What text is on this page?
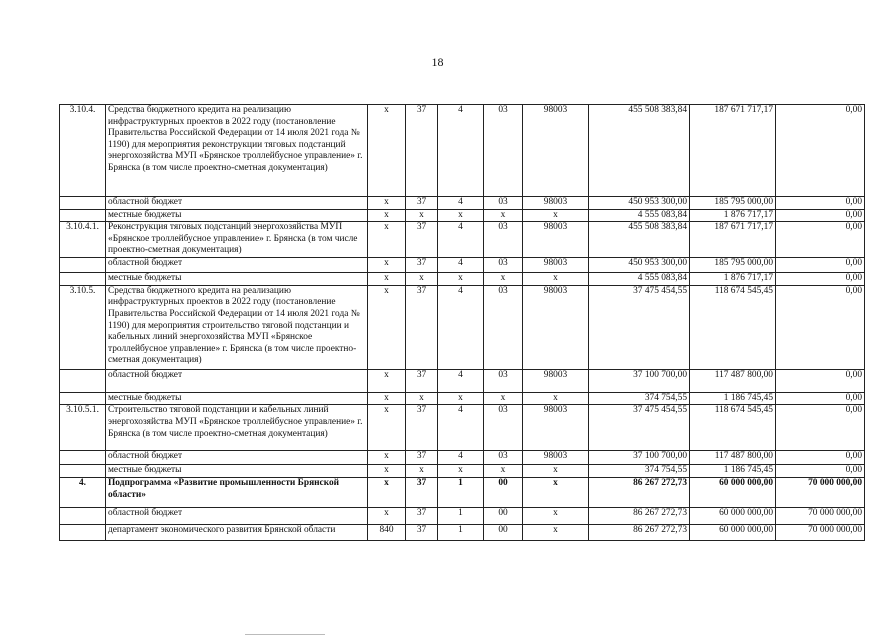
18
3.10.4.	Средства бюджетного кредита на реализацию инфраструктурных проектов в 2022 году (постановление Правительства Российской Федерации от 14 июля 2021 года № 1190) для мероприятия реконструкции тяговых подстанций энергохозяйства МУП «Брянское троллейбусное управление» г. Брянска (в том числе проектно-сметная документация)	x	37	4	03	98003	455 508 383,84	187 671 717,17	0,00
	областной бюджет	x	37	4	03	98003	450 953 300,00	185 795 000,00	0,00
	местные бюджеты	x	x	x	x	x	4 555 083,84	1 876 717,17	0,00
3.10.4.1.	Реконструкция тяговых подстанций энергохозяйства МУП «Брянское троллейбусное управление» г. Брянска (в том числе проектно-сметная документация)	x	37	4	03	98003	455 508 383,84	187 671 717,17	0,00
	областной бюджет	x	37	4	03	98003	450 953 300,00	185 795 000,00	0,00
	местные бюджеты	x	x	x	x	x	4 555 083,84	1 876 717,17	0,00
3.10.5.	Средства бюджетного кредита на реализацию инфраструктурных проектов в 2022 году (постановление Правительства Российской Федерации от 14 июля 2021 года № 1190) для мероприятия строительство тяговой подстанции и кабельных линий энергохозяйства МУП «Брянское троллейбусное управление» г. Брянска (в том числе проектно-сметная документация)	x	37	4	03	98003	37 475 454,55	118 674 545,45	0,00
	областной бюджет	x	37	4	03	98003	37 100 700,00	117 487 800,00	0,00
	местные бюджеты	x	x	x	x	x	374 754,55	1 186 745,45	0,00
3.10.5.1.	Строительство тяговой подстанции и кабельных линий энергохозяйства МУП «Брянское троллейбусное управление» г. Брянска (в том числе проектно-сметная документация)	x	37	4	03	98003	37 475 454,55	118 674 545,45	0,00
	областной бюджет	x	37	4	03	98003	37 100 700,00	117 487 800,00	0,00
	местные бюджеты	x	x	x	x	x	374 754,55	1 186 745,45	0,00
4.	Подпрограмма «Развитие промышленности Брянской области»	x	37	1	00	x	86 267 272,73	60 000 000,00	70 000 000,00
	областной бюджет	x	37	1	00	x	86 267 272,73	60 000 000,00	70 000 000,00
	департамент экономического развития Брянской области	840	37	1	00	x	86 267 272,73	60 000 000,00	70 000 000,00
